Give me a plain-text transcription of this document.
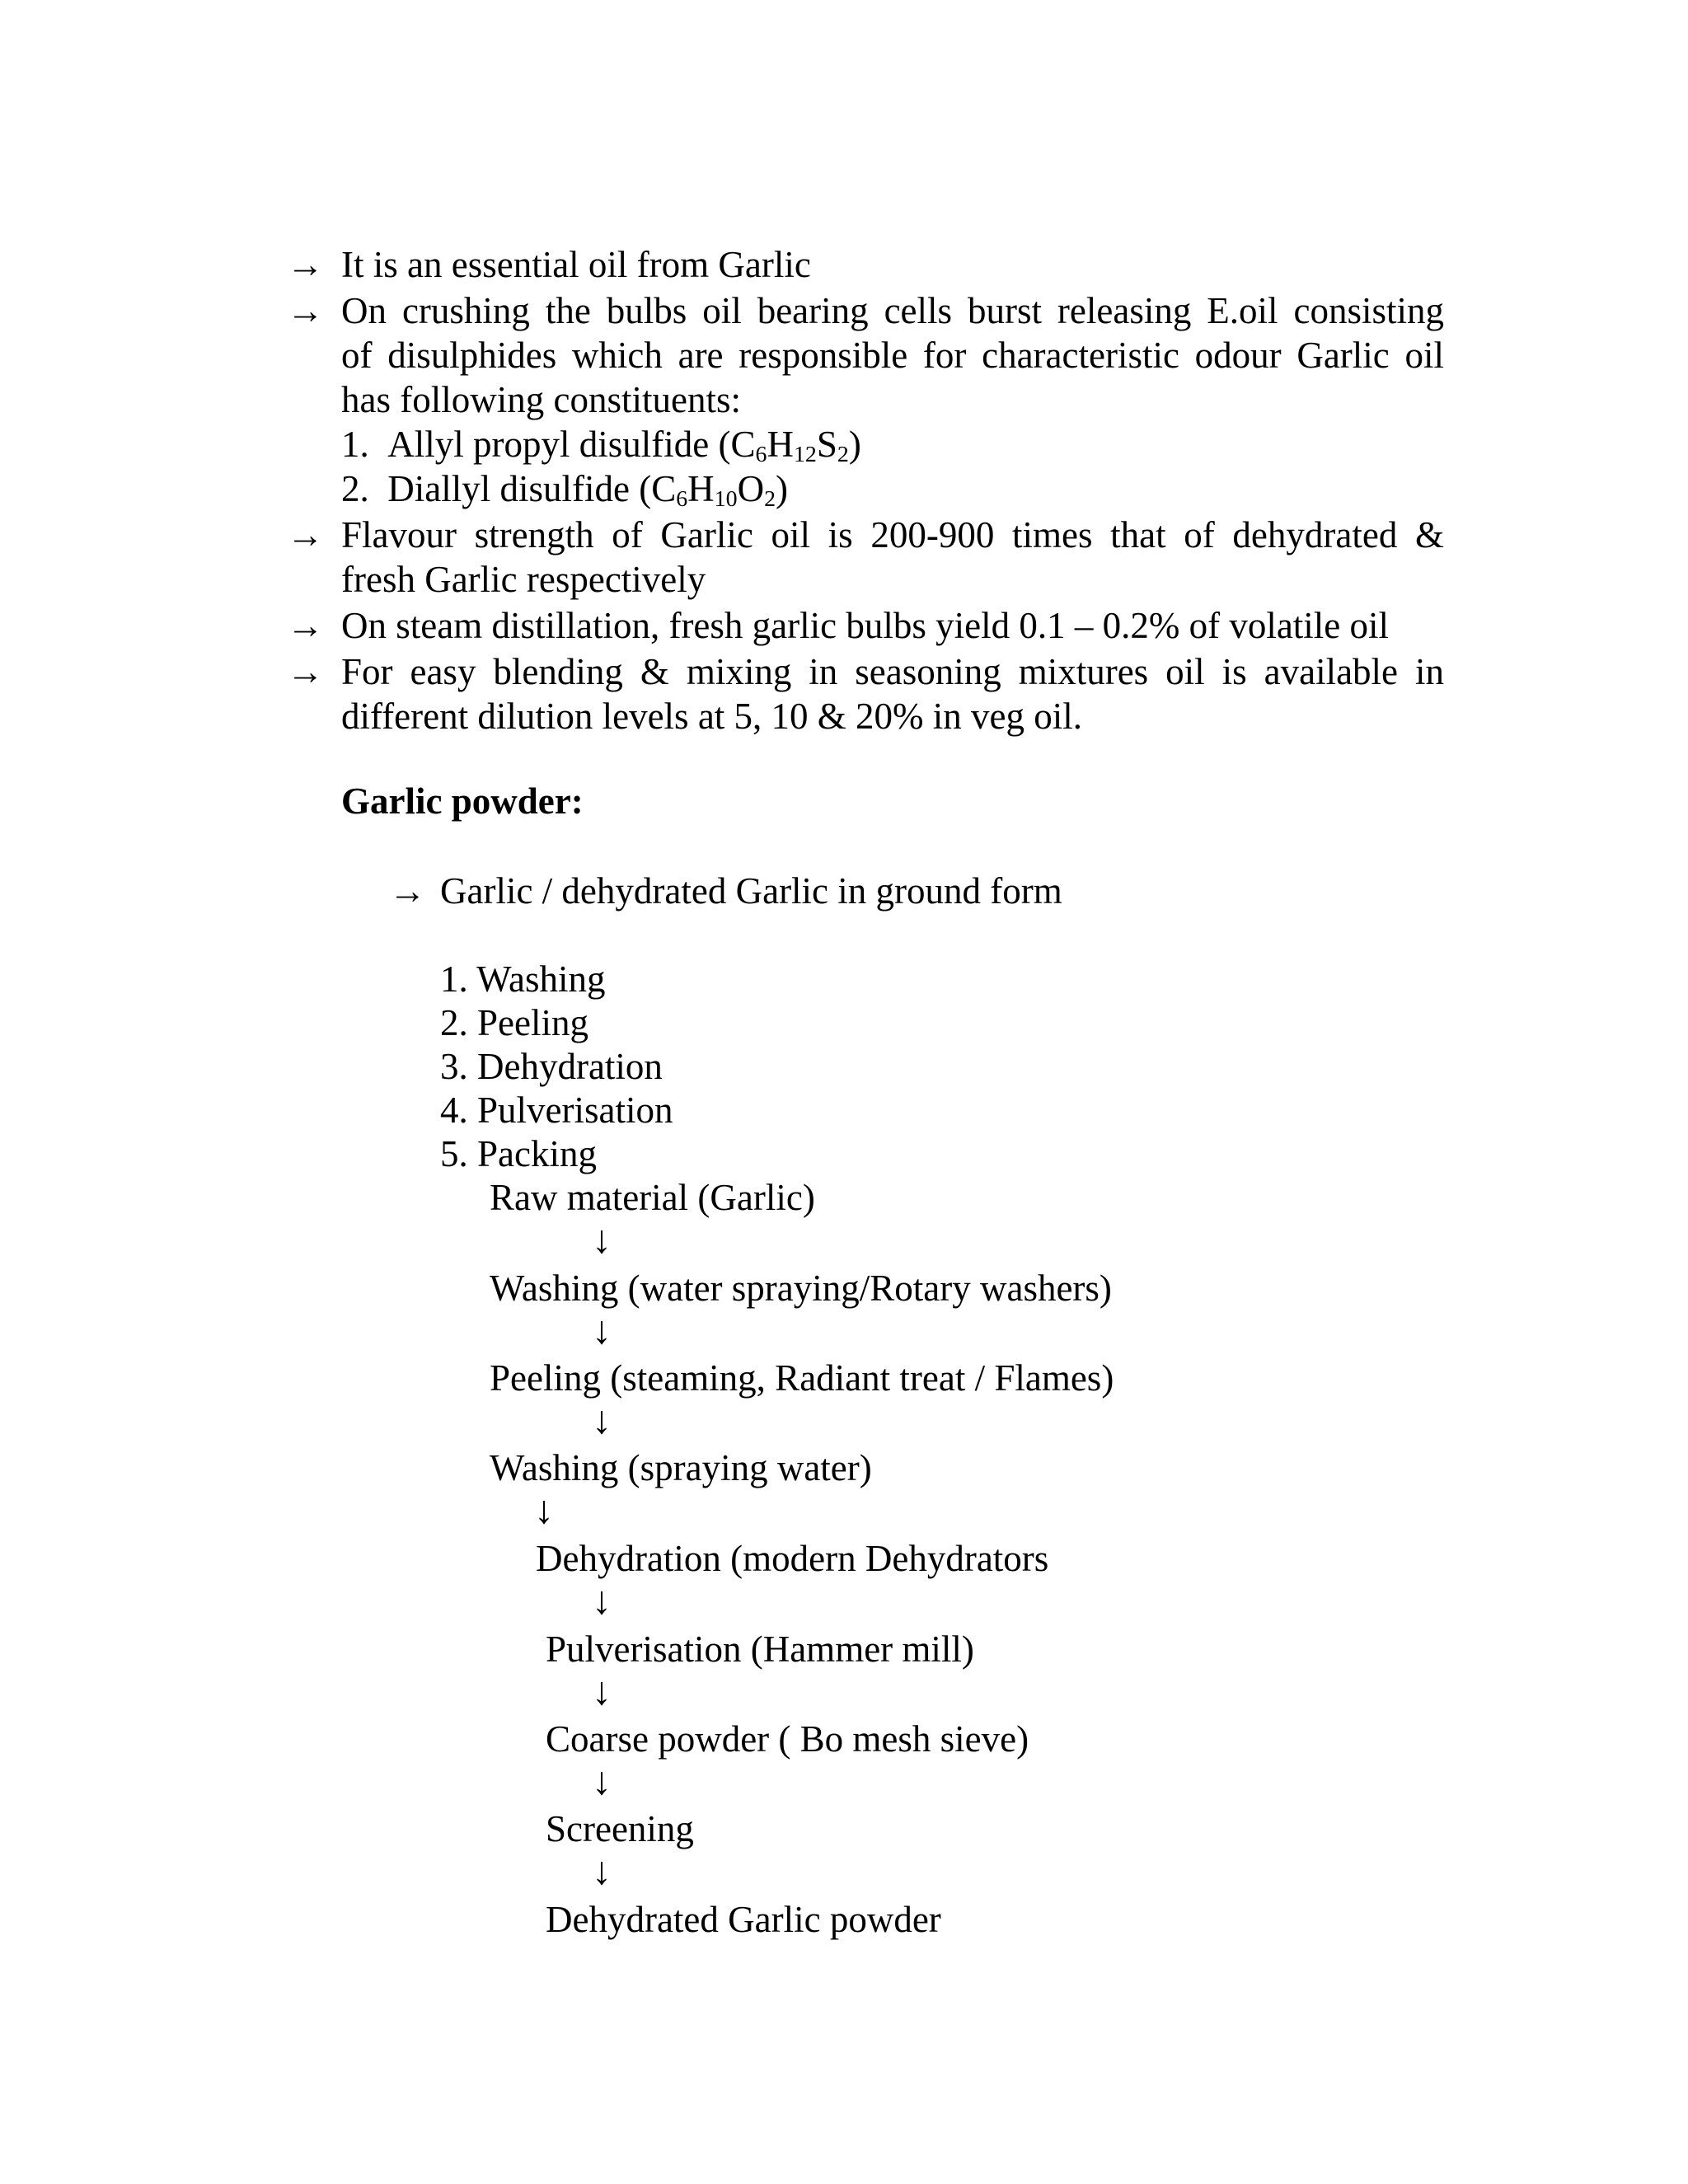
→ It is an essential oil from Garlic
→ On crushing the bulbs oil bearing cells burst releasing E.oil consisting
of disulphides which are responsible for characteristic odour Garlic oil
has following constituents:
1. Allyl propyl disulfide $(C_6H_{12}S_2)$
2. Diallyl disulfide $(C_6H_{10}O_2)$
→ Flavour strength of Garlic oil is 200-900 times that of dehydrated &
fresh Garlic respectively
→ On steam distillation, fresh garlic bulbs yield 0.1 – 0.2% of volatile oil
→ For easy blending & mixing in seasoning mixtures oil is available in
different dilution levels at 5, 10 & 20% in veg oil.
Garlic powder:
→ Garlic / dehydrated Garlic in ground form
1. Washing
2. Peeling
3. Dehydration
4. Pulverisation
5. Packing
Raw material (Garlic)
↓
Washing (water spraying/Rotary washers)
↓
Peeling (steaming, Radiant treat / Flames)
↓
Washing (spraying water)
↓
Dehydration (modern Dehydrators
↓
Pulverisation (Hammer mill)
↓
Coarse powder ( Bo mesh sieve)
↓
Screening
↓
Dehydrated Garlic powder
